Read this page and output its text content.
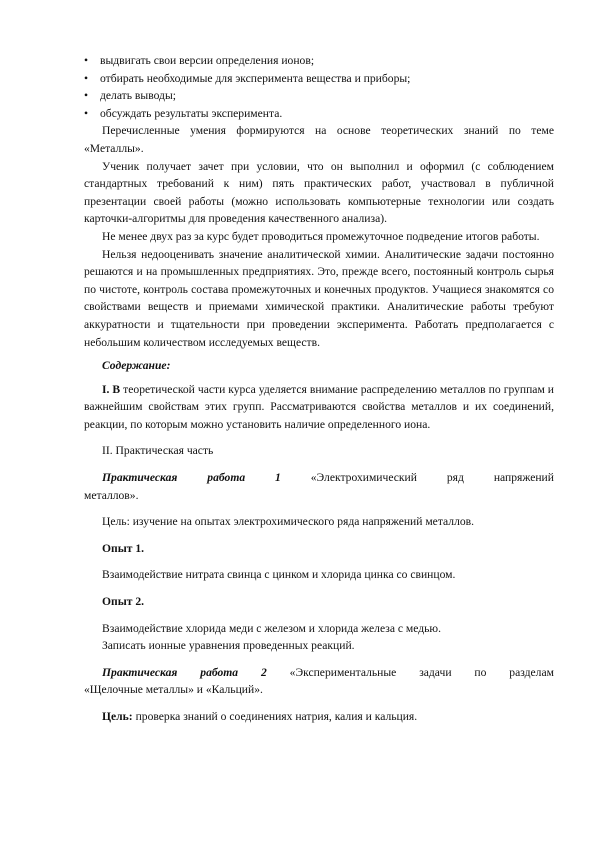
• выдвигать свои версии определения ионов;
• отбирать необходимые для эксперимента вещества и приборы;
• делать выводы;
• обсуждать результаты эксперимента.

Перечисленные умения формируются на основе теоретических знаний по теме «Металлы».

Ученик получает зачет при условии, что он выполнил и оформил (с соблюдением стандартных требований к ним) пять практических работ, участвовал в публичной презентации своей работы (можно использовать компьютерные технологии или создать карточки-алгоритмы для проведения качественного анализа).

Не менее двух раз за курс будет проводиться промежуточное подведение итогов работы.

Нельзя недооценивать значение аналитической химии. Аналитические задачи постоянно решаются и на промышленных предприятиях. Это, прежде всего, постоянный контроль сырья по чистоте, контроль состава промежуточных и конечных продуктов. Учащиеся знакомятся со свойствами веществ и приемами химической практики. Аналитические работы требуют аккуратности и тщательности при проведении эксперимента. Работать предполагается с небольшим количеством исследуемых веществ.

Содержание:

I. В теоретической части курса уделяется внимание распределению металлов по группам и важнейшим свойствам этих групп. Рассматриваются свойства металлов и их соединений, реакции, по которым можно установить наличие определенного иона.

II. Практическая часть

Практическая	работа	1	«Электрохимический	ряд	напряжений

металлов».

Цель: изучение на опытах электрохимического ряда напряжений металлов.

Опыт 1.

Взаимодействие нитрата свинца с цинком и хлорида цинка со свинцом.

Опыт 2.

Взаимодействие хлорида меди с железом и хлорида железа с медью.

Записать ионные уравнения проведенных реакций.

Практическая работа 2 «Экспериментальные задачи по разделам

«Щелочные металлы» и «Кальций».

Цель: проверка знаний о соединениях натрия, калия и кальция.
